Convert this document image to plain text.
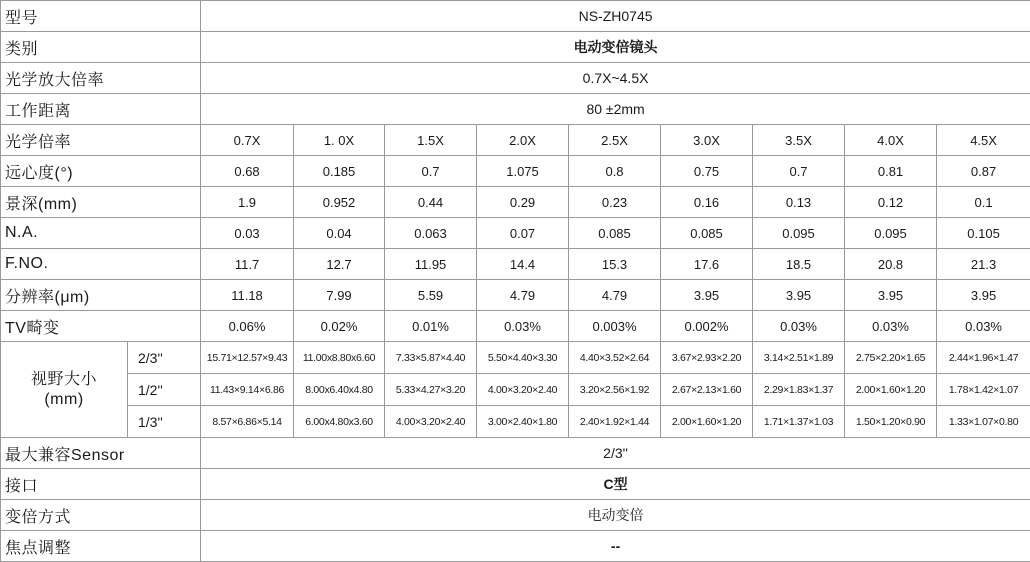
型号		NS-ZH0745								
类别		电动变倍镜头								
光学放大倍率		0.7X~4.5X								
工作距离		80 ±2mm								
光学倍率		0.7X	1. 0X	1.5X	2.0X	2.5X	3.0X	3.5X	4.0X	4.5X
远心度(°)		0.68	0.185	0.7	1.075	0.8	0.75	0.7	0.81	0.87
景深(mm)		1.9	0.952	0.44	0.29	0.23	0.16	0.13	0.12	0.1
N.A.		0.03	0.04	0.063	0.07	0.085	0.085	0.095	0.095	0.105
F.NO.		11.7	12.7	11.95	14.4	15.3	17.6	18.5	20.8	21.3
分辨率(μm)		11.18	7.99	5.59	4.79	4.79	3.95	3.95	3.95	3.95
TV畸变		0.06%	0.02%	0.01%	0.03%	0.003%	0.002%	0.03%	0.03%	0.03%

视野大小
(mm)	2/3''	15.71×12.57×9.43	11.00x8.80x6.60	7.33×5.87×4.40	5.50×4.40×3.30	4.40×3.52×2.64	3.67×2.93×2.20	3.14×2.51×1.89	2.75×2.20×1.65	2.44×1.96×1.47
	1/2''	11.43×9.14×6.86	8.00x6.40x4.80	5.33×4.27×3.20	4.00×3.20×2.40	3.20×2.56×1.92	2.67×2.13×1.60	2.29×1.83×1.37	2.00×1.60×1.20	1.78×1.42×1.07
	1/3''	8.57×6.86×5.14	6.00x4.80x3.60	4.00×3.20×2.40	3.00×2.40×1.80	2.40×1.92×1.44	2.00×1.60×1.20	1.71×1.37×1.03	1.50×1.20×0.90	1.33×1.07×0.80
最大兼容Sensor		2/3''								
接口		C型								
变倍方式		电动变倍								
焦点调整		--								
